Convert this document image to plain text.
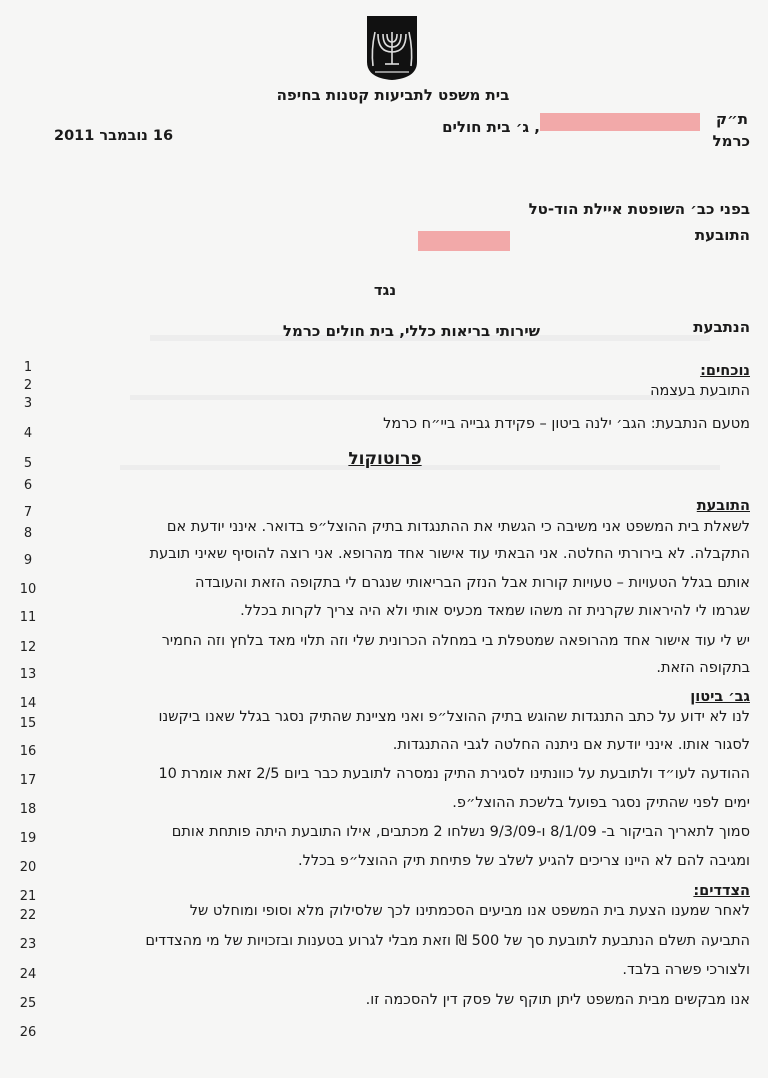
בית משפט לתביעות קטנות בחיפה
ת״ק
, ג׳ בית חולים
כרמל
16 נובמבר 2011
בפני כב׳ השופטת איילת הוד-טל
התובעת
נגד
הנתבעת
שירותי בריאות כללי, בית חולים כרמל
1
2
3
4
5
6
7
8
9
10
11
12
13
14
15
16
17
18
19
20
21
22
23
24
25
26
נוכחים:
התובעת בעצמה
מטעם הנתבעת: הגב׳ ילנה ביטון – פקידת גבייה ביי״ח כרמל
פרוטוקול
התובעת
לשאלת בית המשפט אני משיבה כי הגשתי את ההתנגדות בתיק ההוצל״פ בדואר. אינני יודעת אם
התקבלה. לא בירורתי החלטה. אני הבאתי עוד אישור אחד מהרופא. אני רוצה להוסיף שאיני תובעת
אותם בגלל הטעויות – טעויות קורות אבל הנזק הבריאותי שנגרם לי בתקופה הזאת והעובדה
שגרמו לי להיראות שקרנית זה משהו שמאד מכעיס אותי ולא היה צריך לקרות בכלל.
יש לי עוד אישור אחד מהרופאה שמטפלת בי במחלה הכרונית שלי וזה תלוי מאד בלחץ וזה החמיר
בתקופה הזאת.
גב׳ ביטון
לנו לא ידוע על כתב התנגדות שהוגש בתיק ההוצל״פ ואני מציינת שהתיק נסגר בגלל שאנו ביקשנו
לסגור אותו. אינני יודעת אם ניתנה החלטה לגבי ההתנגדות.
ההודעה לעו״ד ולתובעת על כוונתינו לסגירת התיק נמסרה לתובעת כבר ביום 2/5 זאת אומרת 10
ימים לפני שהתיק נסגר בפועל בלשכת ההוצל״פ.
סמוך לתאריך הביקור ב- 8/1/09 ו-9/3/09 נשלחו 2 מכתבים, אילו התובעת היתה פותחת אותם
ומגיבה להם לא היינו צריכים להגיע לשלב של פתיחת תיק ההוצל״פ בכלל.
הצדדים:
לאחר שמענו הצעת בית המשפט אנו מביעים הסכמתינו לכך שלסילוק מלא וסופי ומוחלט של
התביעה תשלם הנתבעת לתובעת סך של 500 ₪ וזאת מבלי לגרוע בטענות ובזכויות של מי מהצדדים
ולצורכי פשרה בלבד.
אנו מבקשים מבית המשפט ליתן תוקף של פסק דין להסכמה זו.
